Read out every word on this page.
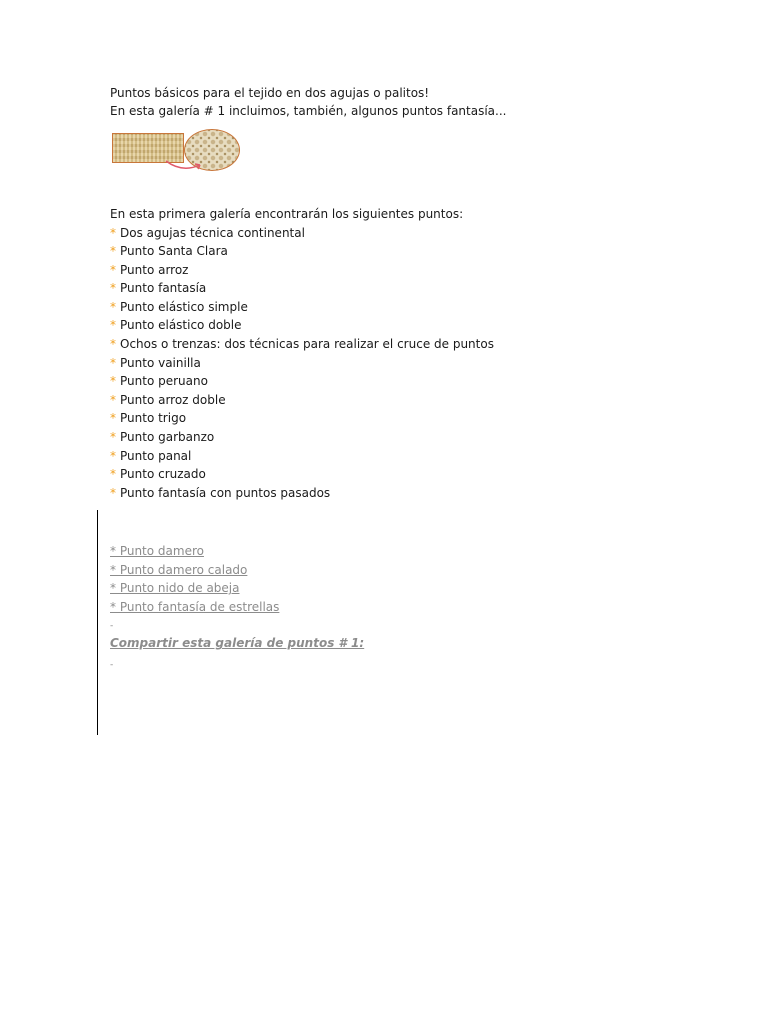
Puntos básicos para el tejido en dos agujas o palitos!
En esta galería # 1 incluimos, también, algunos puntos fantasía...
En esta primera galería encontrarán los siguientes puntos:
* Dos agujas técnica continental
* Punto Santa Clara
* Punto arroz
* Punto fantasía
* Punto elástico simple
* Punto elástico doble
* Ochos o trenzas: dos técnicas para realizar el cruce de puntos
* Punto vainilla
* Punto peruano
* Punto arroz doble
* Punto trigo
* Punto garbanzo
* Punto panal
* Punto cruzado
* Punto fantasía con puntos pasados
* Punto damero
* Punto damero calado
* Punto nido de abeja
* Punto fantasía de estrellas
-
Compartir esta galería de puntos # 1:
-
